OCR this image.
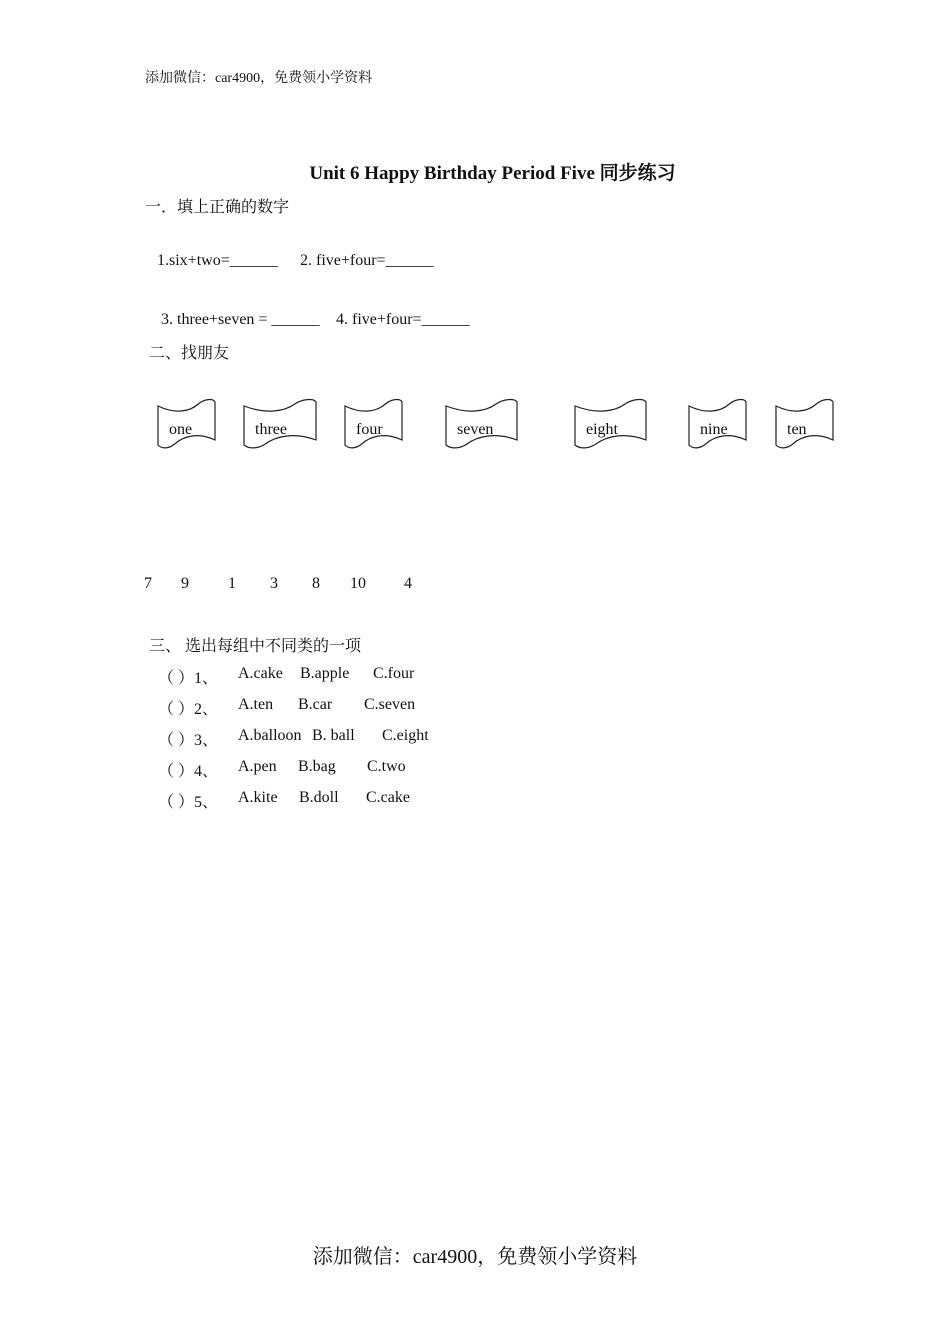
添加微信：car4900，免费领小学资料
Unit 6 Happy Birthday Period Five 同步练习
一．填上正确的数字
1.six+two=______ 2. five+four=______
3. three+seven = ______ 4. five+four=______
二、找朋友
one	three	four	seven	eight	nine	ten
7 9 1 3 8 10 4
三、 选出每组中不同类的一项
（ ）1、 A.cake B.apple C.four
（ ）2、 A.ten B.car C.seven
（ ）3、 A.balloon B. ball C.eight
（ ）4、 A.pen B.bag C.two
（ ）5、 A.kite B.doll C.cake
添加微信：car4900，免费领小学资料
